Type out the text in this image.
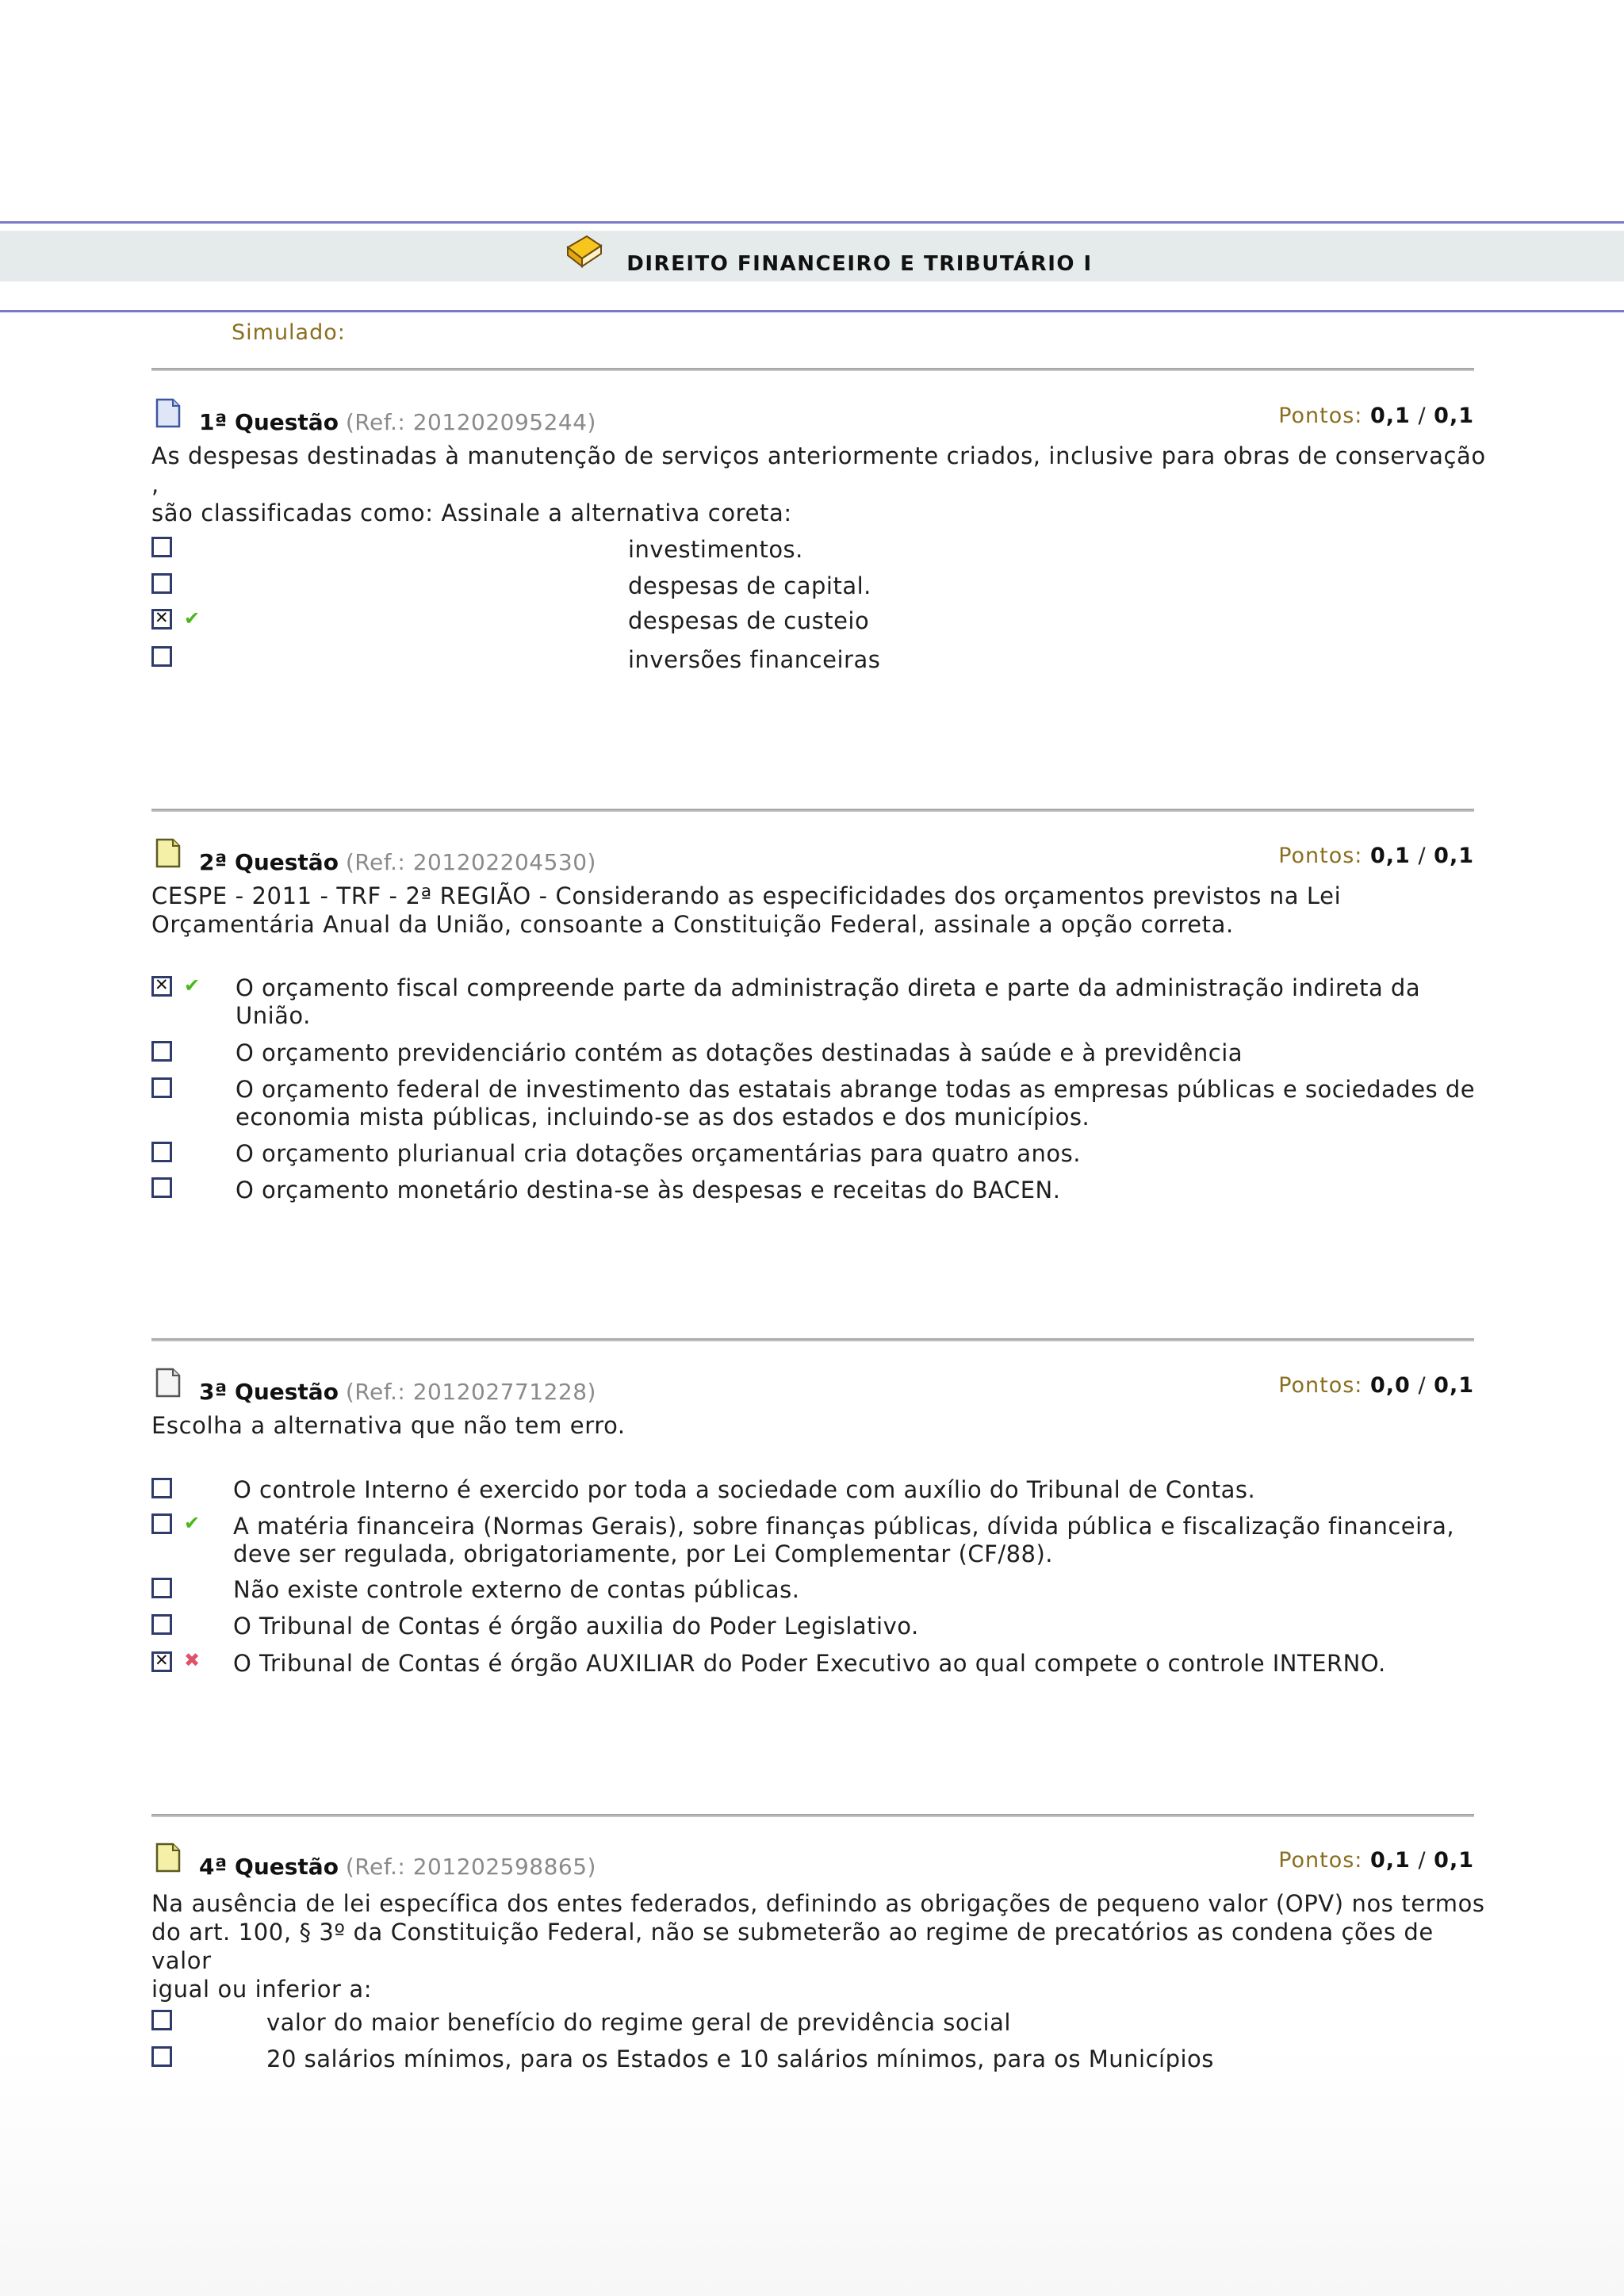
DIREITO FINANCEIRO E TRIBUTÁRIO I
Simulado:
1ª Questão (Ref.: 201202095244)	Pontos: 0,1 / 0,1
As despesas destinadas à manutenção de serviços anteriormente criados, inclusive para obras de conservação ,
são classificadas como: Assinale a alternativa coreta:
investimentos.
despesas de capital.
✕
✔	despesas de custeio
inversões financeiras
2ª Questão (Ref.: 201202204530)	Pontos: 0,1 / 0,1
CESPE - 2011 - TRF - 2ª REGIÃO - Considerando as especificidades dos orçamentos previstos na Lei
Orçamentária Anual da União, consoante a Constituição Federal, assinale a opção correta.
✕
✔ O orçamento fiscal compreende parte da administração direta e parte da administração indireta da
União.
O orçamento previdenciário contém as dotações destinadas à saúde e à previdência
O orçamento federal de investimento das estatais abrange todas as empresas públicas e sociedades de
economia mista públicas, incluindo-se as dos estados e dos municípios.
O orçamento plurianual cria dotações orçamentárias para quatro anos.
O orçamento monetário destina-se às despesas e receitas do BACEN.
3ª Questão (Ref.: 201202771228)	Pontos: 0,0 / 0,1
Escolha a alternativa que não tem erro.
O controle Interno é exercido por toda a sociedade com auxílio do Tribunal de Contas.
✔ A matéria financeira (Normas Gerais), sobre finanças públicas, dívida pública e fiscalização financeira,
deve ser regulada, obrigatoriamente, por Lei Complementar (CF/88).
Não existe controle externo de contas públicas.
O Tribunal de Contas é órgão auxilia do Poder Legislativo.
✕
✖ O Tribunal de Contas é órgão AUXILIAR do Poder Executivo ao qual compete o controle INTERNO.
4ª Questão (Ref.: 201202598865)	Pontos: 0,1 / 0,1
Na ausência de lei específica dos entes federados, definindo as obrigações de pequeno valor (OPV) nos termos
do art. 100, § 3º da Constituição Federal, não se submeterão ao regime de precatórios as condena ções de valor
igual ou inferior a:
valor do maior benefício do regime geral de previdência social
20 salários mínimos, para os Estados e 10 salários mínimos, para os Municípios
